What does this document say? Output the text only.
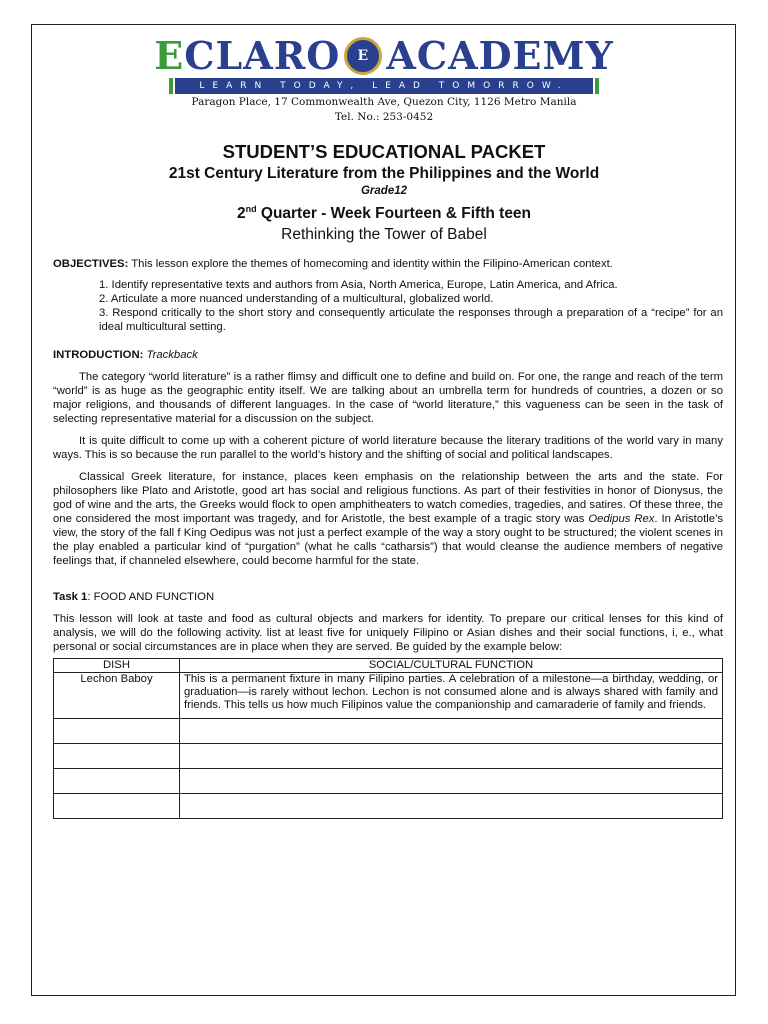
ECLARO E ACADEMY
LEARN TODAY, LEAD TOMORROW.
Paragon Place, 17 Commonwealth Ave, Quezon City, 1126 Metro Manila
Tel. No.: 253-0452
STUDENT’S EDUCATIONAL PACKET
21st Century Literature from the Philippines and the World
Grade12
2nd Quarter - Week Fourteen & Fifth teen
Rethinking the Tower of Babel

OBJECTIVES: This lesson explore the themes of homecoming and identity within the Filipino-American context.

1. Identify representative texts and authors from Asia, North America, Europe, Latin America, and Africa.

2. Articulate a more nuanced understanding of a multicultural, globalized world.

3. Respond critically to the short story and consequently articulate the responses through a preparation of a “recipe” for an ideal multicultural setting.

INTRODUCTION: Trackback

The category “world literature” is a rather flimsy and difficult one to define and build on. For one, the range and reach of the term “world” is as huge as the geographic entity itself. We are talking about an umbrella term for hundreds of countries, a dozen or so major religions, and thousands of different languages. In the case of “world literature,” this vagueness can be seen in the task of selecting representative material for a discussion on the subject.

It is quite difficult to come up with a coherent picture of world literature because the literary traditions of the world vary in many ways. This is so because the run parallel to the world’s history and the shifting of social and political landscapes.

Classical Greek literature, for instance, places keen emphasis on the relationship between the arts and the state. For philosophers like Plato and Aristotle, good art has social and religious functions. As part of their festivities in honor of Dionysus, the god of wine and the arts, the Greeks would flock to open amphitheaters to watch comedies, tragedies, and satires. Of these three, the one considered the most important was tragedy, and for Aristotle, the best example of a tragic story was Oedipus Rex. In Aristotle’s view, the story of the fall f King Oedipus was not just a perfect example of the way a story ought to be structured; the violent scenes in the play enabled a particular kind of “purgation” (what he calls “catharsis”) that would cleanse the audience members of negative feelings that, if channeled elsewhere, could become harmful for the state.

Task 1: FOOD AND FUNCTION

This lesson will look at taste and food as cultural objects and markers for identity. To prepare our critical lenses for this kind of analysis, we will do the following activity. list at least five for uniquely Filipino or Asian dishes and their social functions, i, e., what personal or social circumstances are in place when they are served. Be guided by the example below:

DISH	SOCIAL/CULTURAL FUNCTION
Lechon Baboy	This is a permanent fixture in many Filipino parties. A celebration of a milestone—a birthday, wedding, or graduation—is rarely without lechon. Lechon is not consumed alone and is always shared with family and friends. This tells us how much Filipinos value the companionship and camaraderie of family and friends.
